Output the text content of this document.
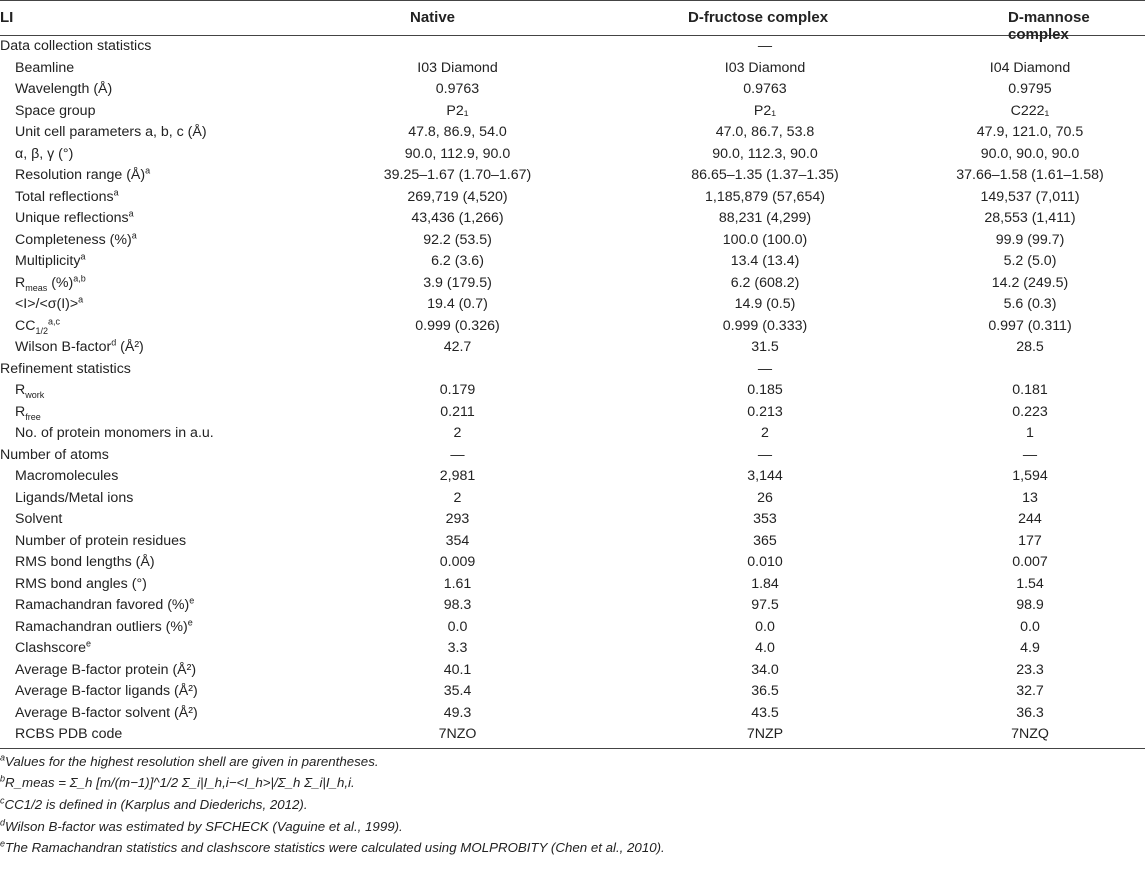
LI	Native	D-fructose complex	D-mannose complex
Data collection statistics		—	
Beamline	I03 Diamond	I03 Diamond	I04 Diamond
Wavelength (Å)	0.9763	0.9763	0.9795
Space group	P2₁	P2₁	C222₁
Unit cell parameters a, b, c (Å)	47.8, 86.9, 54.0	47.0, 86.7, 53.8	47.9, 121.0, 70.5
α, β, γ (°)	90.0, 112.9, 90.0	90.0, 112.3, 90.0	90.0, 90.0, 90.0
Resolution range (Å)$^a$	39.25–1.67 (1.70–1.67)	86.65–1.35 (1.37–1.35)	37.66–1.58 (1.61–1.58)
Total reflections$^a$	269,719 (4,520)	1,185,879 (57,654)	149,537 (7,011)
Unique reflections$^a$	43,436 (1,266)	88,231 (4,299)	28,553 (1,411)
Completeness (%)$^a$	92.2 (53.5)	100.0 (100.0)	99.9 (99.7)
Multiplicity$^a$	6.2 (3.6)	13.4 (13.4)	5.2 (5.0)
$R_{meas}$ (%)$^{a,b}$	3.9 (179.5)	6.2 (608.2)	14.2 (249.5)
<I>/<σ(I)>$^a$	19.4 (0.7)	14.9 (0.5)	5.6 (0.3)
$CC_{1/2}^{a,c}$	0.999 (0.326)	0.999 (0.333)	0.997 (0.311)
Wilson B-factor$^d$ (Å²)	42.7	31.5	28.5
Refinement statistics		—	
$R_{work}$	0.179	0.185	0.181
$R_{free}$	0.211	0.213	0.223
No. of protein monomers in a.u.	2	2	1
Number of atoms	—	—	—
Macromolecules	2,981	3,144	1,594
Ligands/Metal ions	2	26	13
Solvent	293	353	244
Number of protein residues	354	365	177
RMS bond lengths (Å)	0.009	0.010	0.007
RMS bond angles (°)	1.61	1.84	1.54
Ramachandran favored (%)$^e$	98.3	97.5	98.9
Ramachandran outliers (%)$^e$	0.0	0.0	0.0
Clashscore$^e$	3.3	4.0	4.9
Average B-factor protein (Å²)	40.1	34.0	23.3
Average B-factor ligands (Å²)	35.4	36.5	32.7
Average B-factor solvent (Å²)	49.3	43.5	36.3
RCBS PDB code	7NZO	7NZP	7NZQ
$^a$Values for the highest resolution shell are given in parentheses.
$^b$R_meas = Σ_h [m/(m−1)]^1/2 Σ_i|I_h,i−<I_h>|/Σ_h Σ_i|I_h,i.
$^c$CC1/2 is defined in (Karplus and Diederichs, 2012).
$^d$Wilson B-factor was estimated by SFCHECK (Vaguine et al., 1999).
$^e$The Ramachandran statistics and clashscore statistics were calculated using MOLPROBITY (Chen et al., 2010).
